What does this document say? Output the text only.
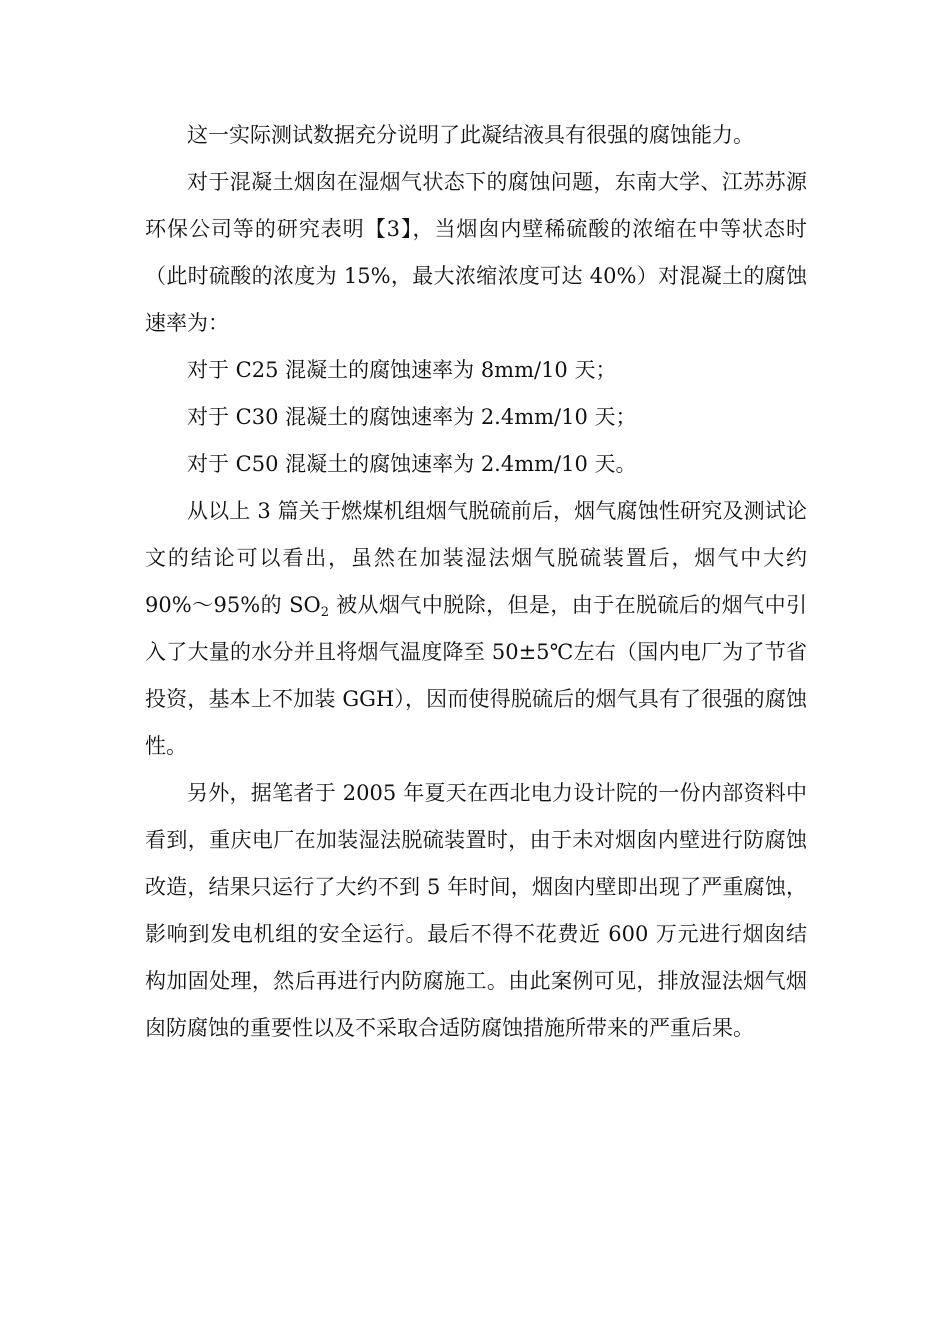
这一实际测试数据充分说明了此凝结液具有很强的腐蚀能力。

对于混凝土烟囱在湿烟气状态下的腐蚀问题，东南大学、江苏苏源环保公司等的研究表明【3】，当烟囱内壁稀硫酸的浓缩在中等状态时（此时硫酸的浓度为 15%，最大浓缩浓度可达 40%）对混凝土的腐蚀速率为：

对于 C25 混凝土的腐蚀速率为 8mm/10 天；

对于 C30 混凝土的腐蚀速率为 2.4mm/10 天；

对于 C50 混凝土的腐蚀速率为 2.4mm/10 天。

从以上 3 篇关于燃煤机组烟气脱硫前后，烟气腐蚀性研究及测试论文的结论可以看出，虽然在加装湿法烟气脱硫装置后，烟气中大约 90%～95%的 $SO_2$ 被从烟气中脱除，但是，由于在脱硫后的烟气中引入了大量的水分并且将烟气温度降至 50±5℃左右（国内电厂为了节省投资，基本上不加装 GGH），因而使得脱硫后的烟气具有了很强的腐蚀性。

另外，据笔者于 2005 年夏天在西北电力设计院的一份内部资料中看到，重庆电厂在加装湿法脱硫装置时，由于未对烟囱内壁进行防腐蚀改造，结果只运行了大约不到 5 年时间，烟囱内壁即出现了严重腐蚀，影响到发电机组的安全运行。最后不得不花费近 600 万元进行烟囱结构加固处理，然后再进行内防腐施工。由此案例可见，排放湿法烟气烟囱防腐蚀的重要性以及不采取合适防腐蚀措施所带来的严重后果。
